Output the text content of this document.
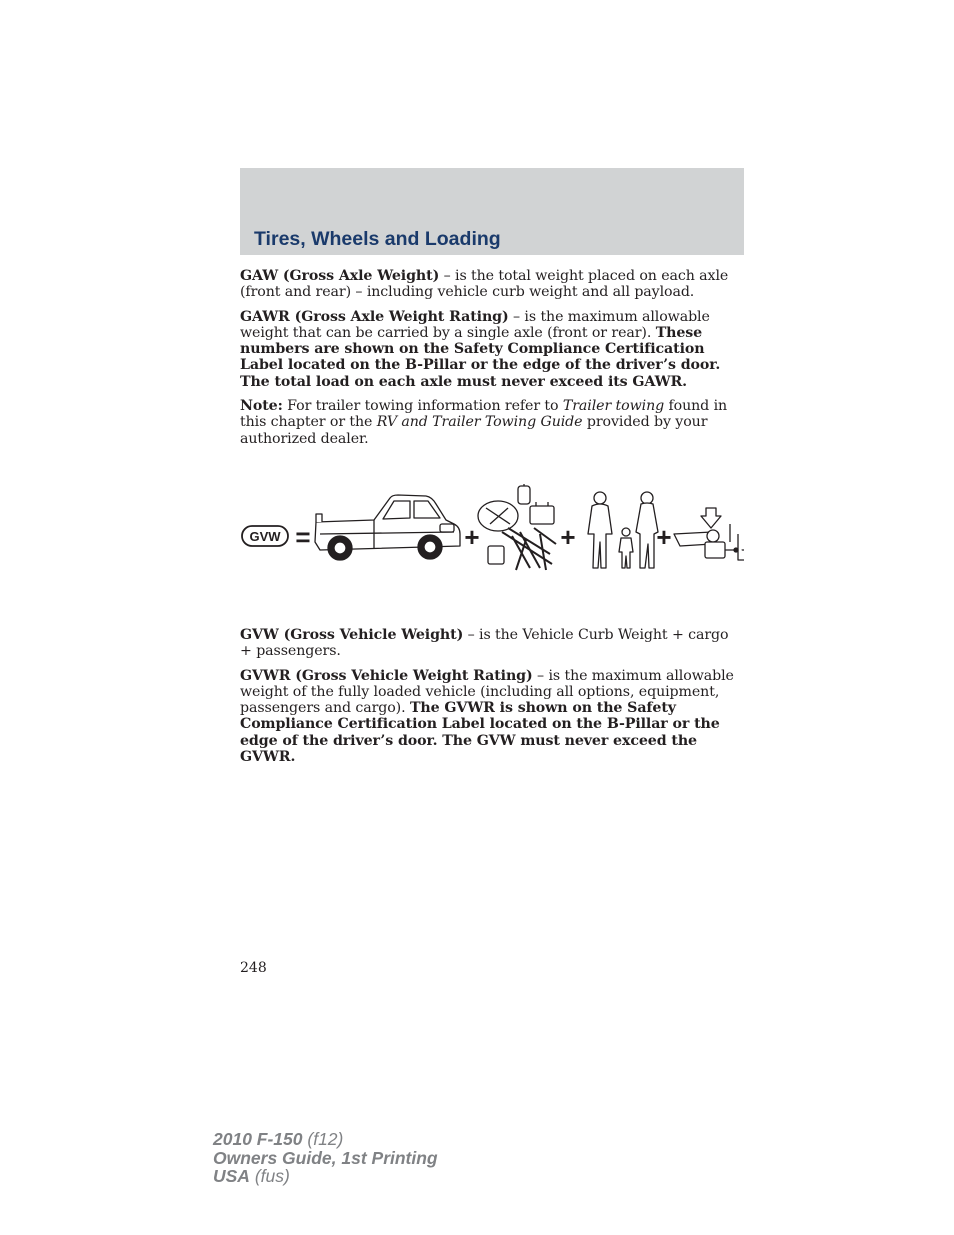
Tires, Wheels and Loading

GAW (Gross Axle Weight) – is the total weight placed on each axle (front and rear) – including vehicle curb weight and all payload.

GAWR (Gross Axle Weight Rating) – is the maximum allowable weight that can be carried by a single axle (front or rear). These numbers are shown on the Safety Compliance Certification Label located on the B-Pillar or the edge of the driver’s door. The total load on each axle must never exceed its GAWR.

Note: For trailer towing information refer to Trailer towing found in this chapter or the RV and Trailer Towing Guide provided by your authorized dealer.

GVW =	+	+	+

GVW (Gross Vehicle Weight) – is the Vehicle Curb Weight + cargo + passengers.

GVWR (Gross Vehicle Weight Rating) – is the maximum allowable weight of the fully loaded vehicle (including all options, equipment, passengers and cargo). The GVWR is shown on the Safety Compliance Certification Label located on the B-Pillar or the edge of the driver’s door. The GVW must never exceed the GVWR.

248

2010 F-150 (f12)
Owners Guide, 1st Printing
USA (fus)
